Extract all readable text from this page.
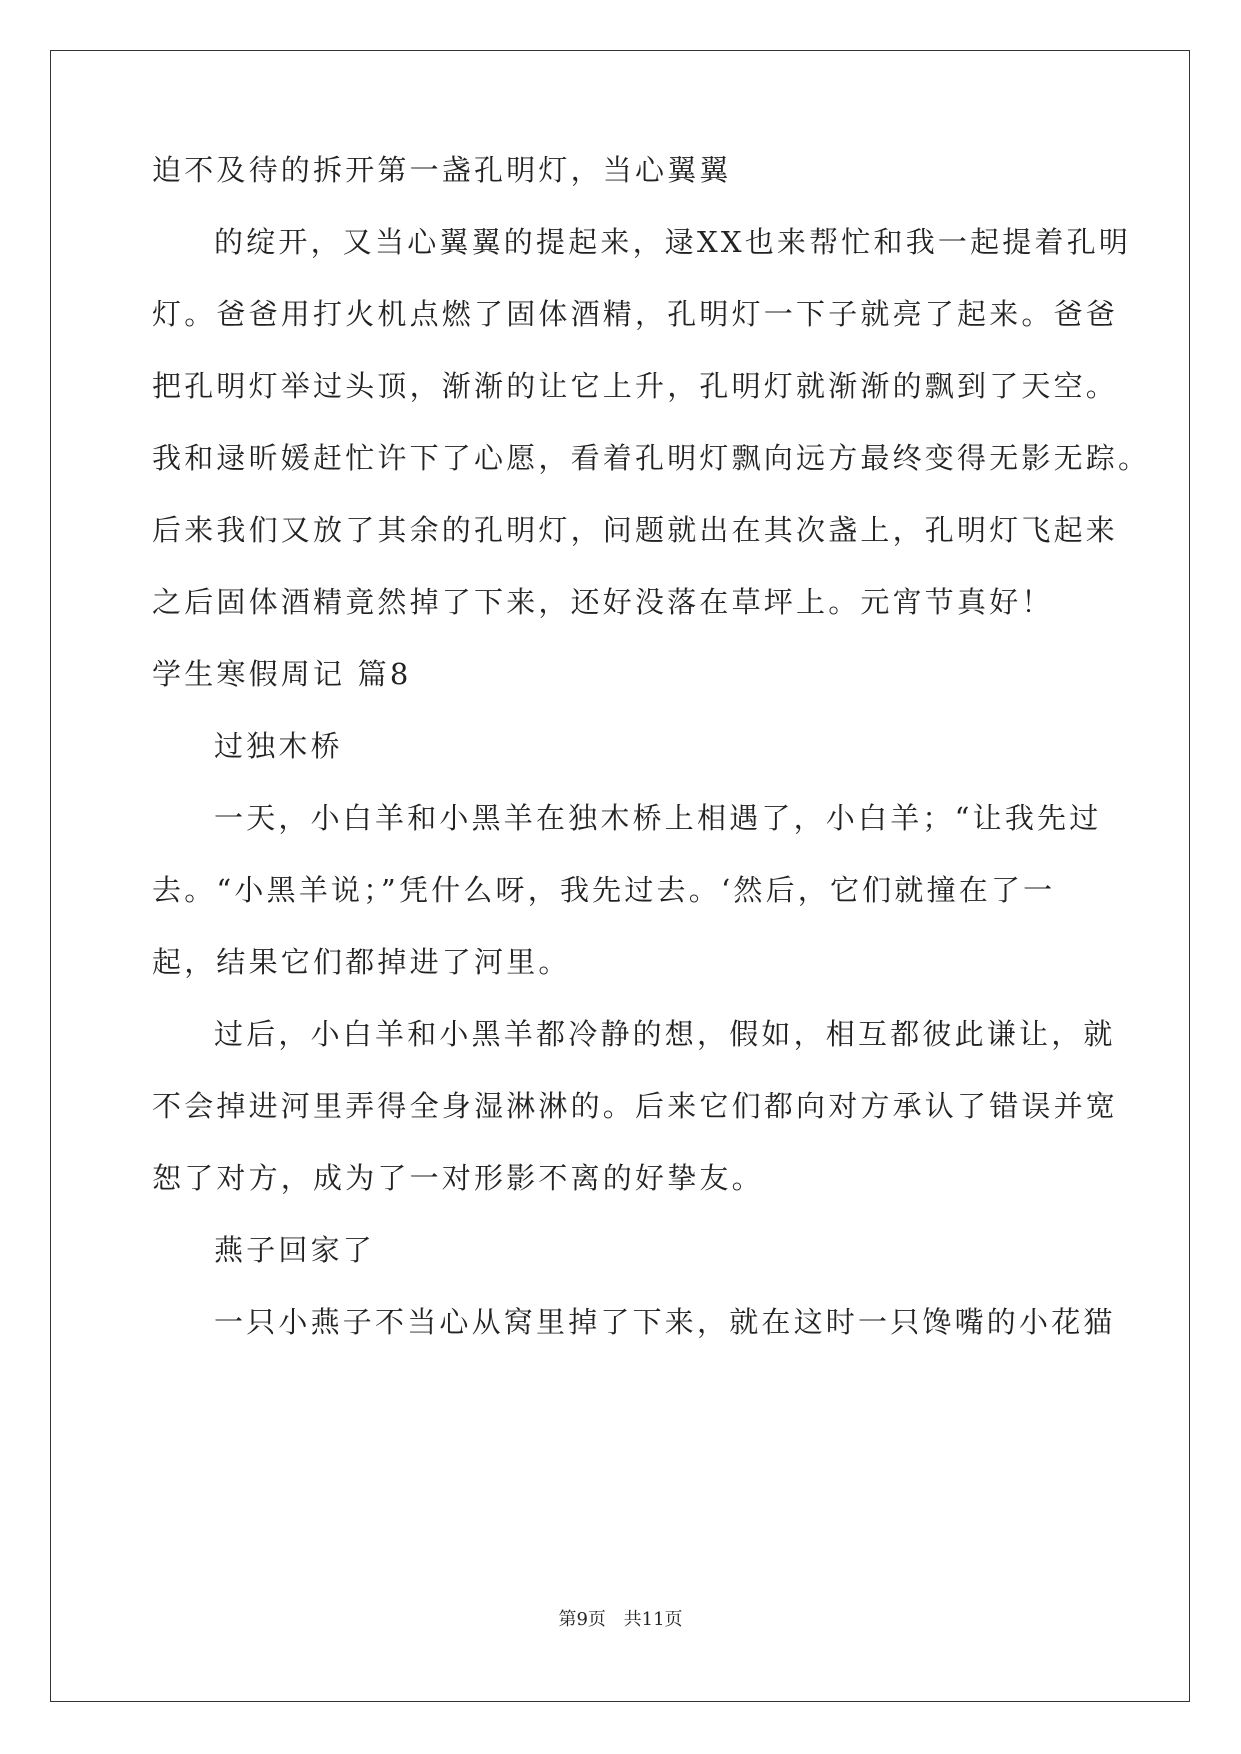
迫不及待的拆开第一盏孔明灯，当心翼翼
的绽开，又当心翼翼的提起来，逯XX也来帮忙和我一起提着孔明
灯。爸爸用打火机点燃了固体酒精，孔明灯一下子就亮了起来。爸爸
把孔明灯举过头顶，渐渐的让它上升，孔明灯就渐渐的飘到了天空。
我和逯昕媛赶忙许下了心愿，看着孔明灯飘向远方最终变得无影无踪。
后来我们又放了其余的孔明灯，问题就出在其次盏上，孔明灯飞起来
之后固体酒精竟然掉了下来，还好没落在草坪上。元宵节真好！
学生寒假周记 篇8
过独木桥
一天，小白羊和小黑羊在独木桥上相遇了，小白羊；“让我先过
去。“小黑羊说；”凭什么呀，我先过去。‘然后，它们就撞在了一
起，结果它们都掉进了河里。
过后，小白羊和小黑羊都冷静的想，假如，相互都彼此谦让，就
不会掉进河里弄得全身湿淋淋的。后来它们都向对方承认了错误并宽
恕了对方，成为了一对形影不离的好挚友。
燕子回家了
一只小燕子不当心从窝里掉了下来，就在这时一只馋嘴的小花猫
第9页 共11页
